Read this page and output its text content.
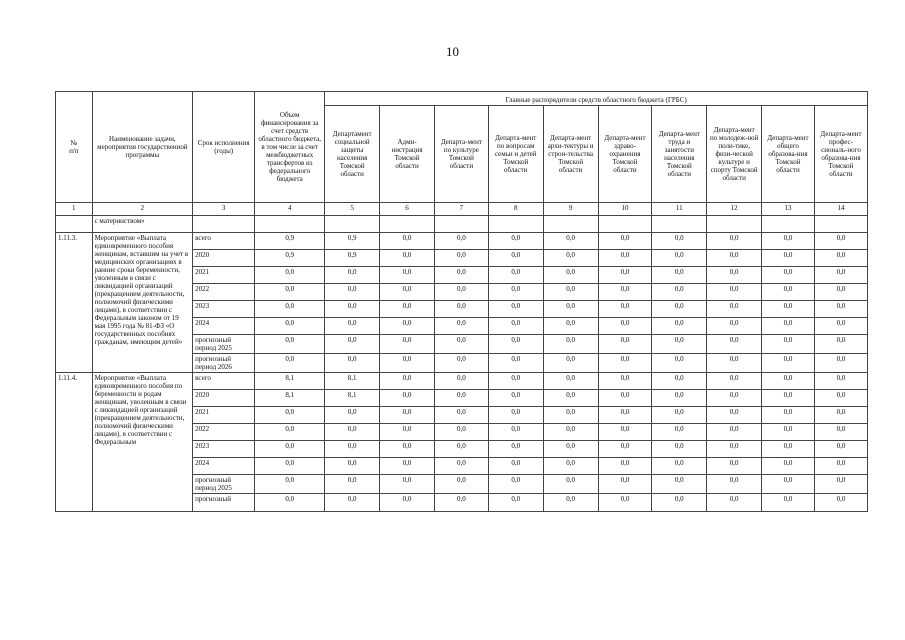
10
№
п/п	Наименование задачи, мероприятия государственной программы	Срок исполнения (годы)	Объем финансирования за счет средств областного бюджета, в том числе за счет межбюджетных трансфертов из федерального бюджета	Главные распорядители средств областного бюджета (ГРБС)									
				Департамент социальной защиты населения Томской области	Адми-нистрация Томской области	Департа-мент по культуре Томской области	Департа-мент по вопросам семьи и детей Томской области	Департа-мент архи-тектуры и строи-тельства Томской области	Департа-мент здраво-охранения Томской области	Департа-мент труда и занятости населения Томской области	Департа-мент по молодеж-ной поли-тике, физи-ческой культуре и спорту Томской области	Департа-мент общего образова-ния Томской области	Департа-мент профес-сиональ-ного образова-ния Томской области
1	2	3	4	5	6	7	8	9	10	11	12	13	14
	с материнством»												
1.11.3.	Мероприятие «Выплата единовременного пособия женщинам, вставшим на учет в медицинских организациях в ранние сроки беременности, уволенным в связи с ликвидацией организаций (прекращением деятельности, полномочий физическими лицами), в соответствии с Федеральным законом от 19 мая 1995 года № 81-ФЗ «О государственных пособиях гражданам, имеющим детей»	всего	0,9	0,9	0,0	0,0	0,0	0,0	0,0	0,0	0,0	0,0	0,0
		2020	0,9	0,9	0,0	0,0	0,0	0,0	0,0	0,0	0,0	0,0	0,0
		2021	0,0	0,0	0,0	0,0	0,0	0,0	0,0	0,0	0,0	0,0	0,0
		2022	0,0	0,0	0,0	0,0	0,0	0,0	0,0	0,0	0,0	0,0	0,0
		2023	0,0	0,0	0,0	0,0	0,0	0,0	0,0	0,0	0,0	0,0	0,0
		2024	0,0	0,0	0,0	0,0	0,0	0,0	0,0	0,0	0,0	0,0	0,0
		прогнозный период 2025	0,0	0,0	0,0	0,0	0,0	0,0	0,0	0,0	0,0	0,0	0,0
		прогнозный период 2026	0,0	0,0	0,0	0,0	0,0	0,0	0,0	0,0	0,0	0,0	0,0
1.11.4.	Мероприятие «Выплата единовременного пособия по беременности и родам женщинам, уволенным в связи с ликвидацией организаций (прекращением деятельности, полномочий физическими лицами), в соответствии с Федеральным	всего	8,1	8,1	0,0	0,0	0,0	0,0	0,0	0,0	0,0	0,0	0,0
		2020	8,1	8,1	0,0	0,0	0,0	0,0	0,0	0,0	0,0	0,0	0,0
		2021	0,0	0,0	0,0	0,0	0,0	0,0	0,0	0,0	0,0	0,0	0,0
		2022	0,0	0,0	0,0	0,0	0,0	0,0	0,0	0,0	0,0	0,0	0,0
		2023	0,0	0,0	0,0	0,0	0,0	0,0	0,0	0,0	0,0	0,0	0,0
		2024	0,0	0,0	0,0	0,0	0,0	0,0	0,0	0,0	0,0	0,0	0,0
		прогнозный период 2025	0,0	0,0	0,0	0,0	0,0	0,0	0,0	0,0	0,0	0,0	0,0
		прогнозный	0,0	0,0	0,0	0,0	0,0	0,0	0,0	0,0	0,0	0,0	0,0
